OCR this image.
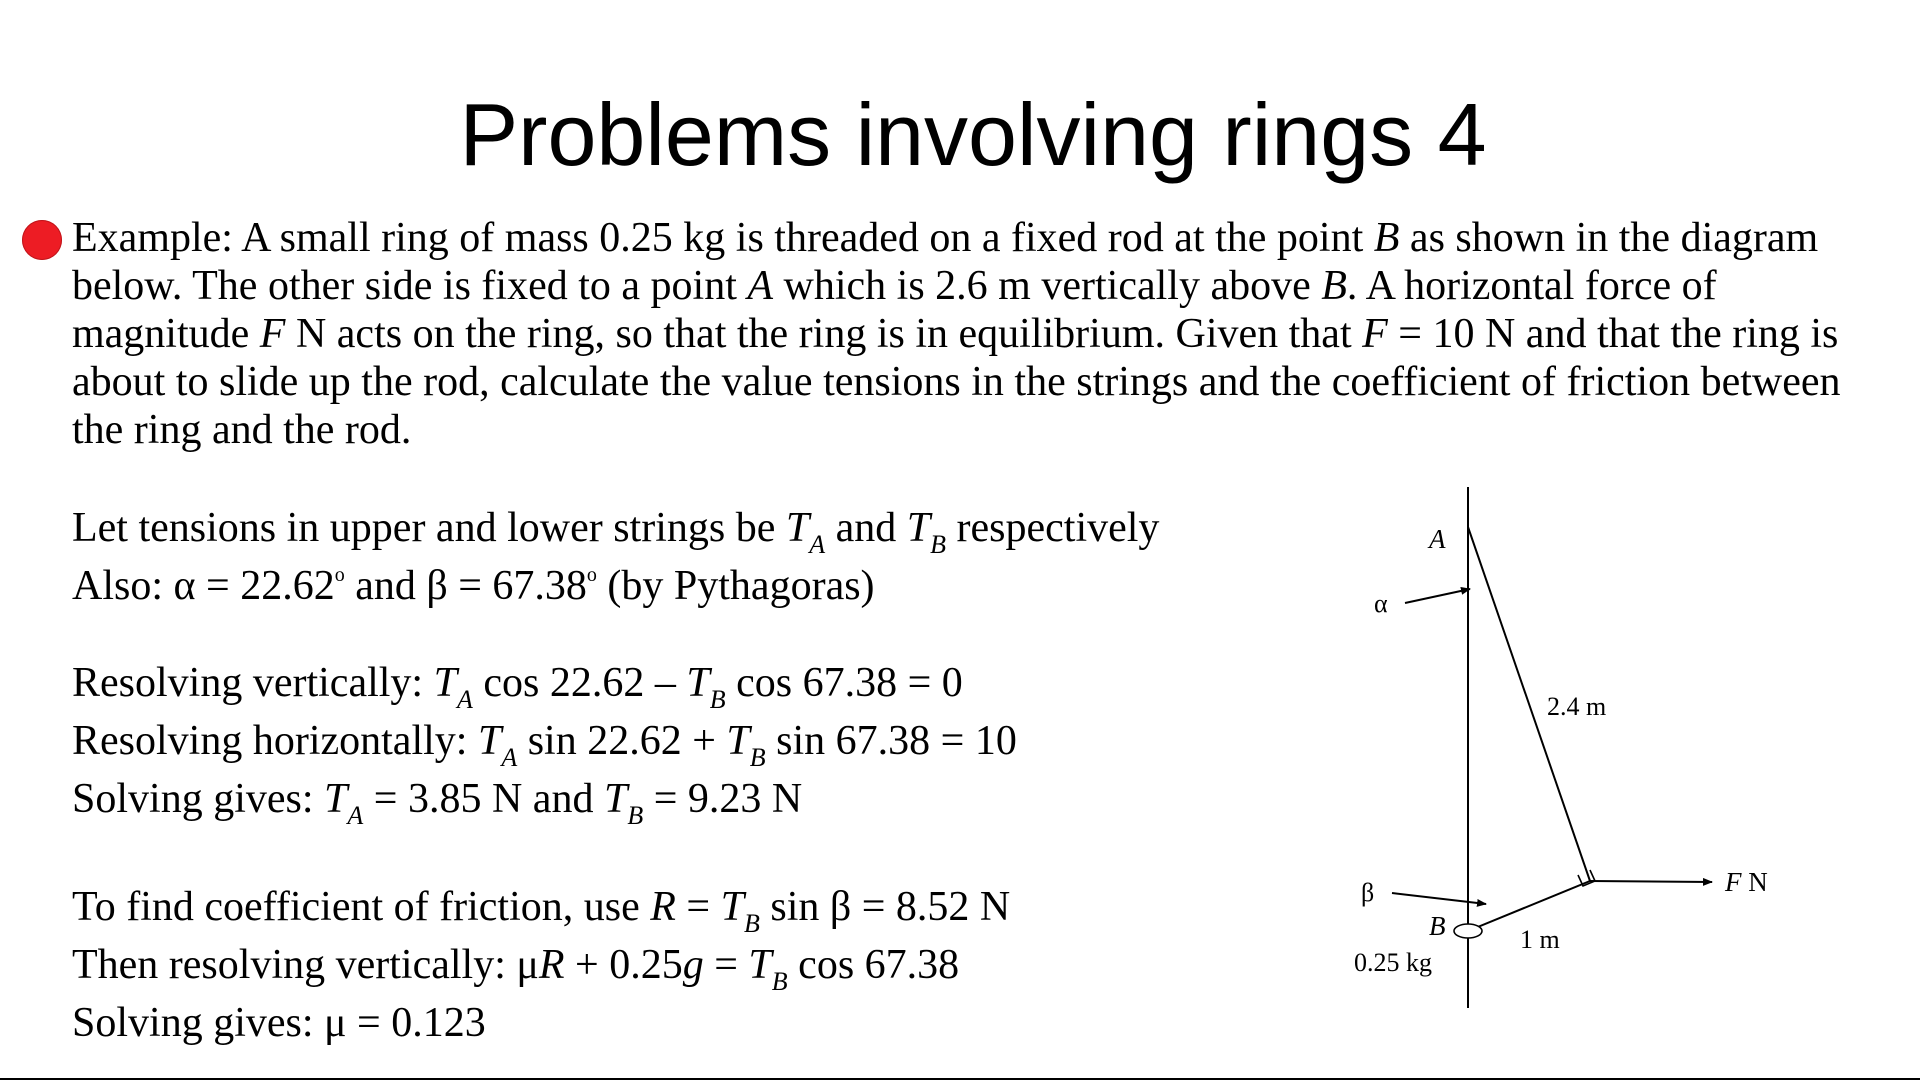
Problems involving rings 4
Example: A small ring of mass 0.25 kg is threaded on a fixed rod at the point B as shown in the diagram below. The other side is fixed to a point A which is 2.6 m vertically above B. A horizontal force of magnitude F N acts on the ring, so that the ring is in equilibrium. Given that F = 10 N and that the ring is about to slide up the rod, calculate the value tensions in the strings and the coefficient of friction between the ring and the rod.
Let tensions in upper and lower strings be $T_A$ and $T_B$ respectively
Also: $\alpha = 22.62^o$ and $\beta = 67.38^o$ (by Pythagoras)
Resolving vertically: $T_A$ $\cos 22.62 - T_B$ cos 67.38 = 0
Resolving horizontally: $T_A$ $\sin 22.62 + T_B$ sin 67.38 = 10
Solving gives: $T_A = 3.85$ N and $T_B = 9.23$ N
To find coefficient of friction, use $R = T_B$ sin β = 8.52 N
Then resolving vertically: $\mu R + 0.25g = T_B$ cos 67.38
Solving gives: μ = 0.123
A
α
2.4 m
β
B	1 m
0.25 kg
F N
